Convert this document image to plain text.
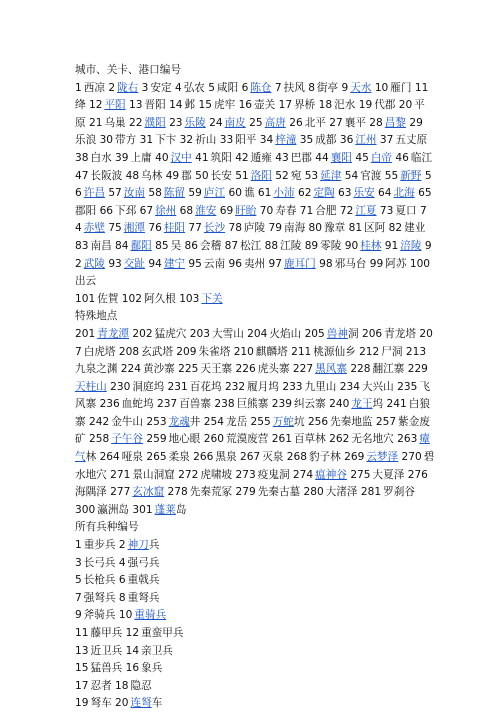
城市、关卡、港口编号
1 西凉 2 陇右 3 安定 4 弘农 5 咸阳 6 陈仓 7 扶风 8 街亭 9 天水 10 雁门 11绛 12 平阳 13 晋阳 14 邺 15 虎牢 16 壶关 17 界桥 18 汜水 19 代郡 20 平原 21 乌巢 22 濮阳 23 乐陵 24 南皮 25 高唐 26 北平 27 襄平 28 昌黎 29乐浪 30 带方 31 下卞 32 祈山 33 阳平 34 梓潼 35 成都 36 江州 37 五丈原 38 白水 39 上庸 40 汉中 41 筑阳 42 遁雍 43 巴郡 44 襄阳 45 白帝 46 临江 47 长阪波 48 乌林 49 郡 50 长安 51 洛阳 52 宛 53 延津 54 官渡 55 新野 56 许昌 57 汝南 58 陈留 59 庐江 60 谯 61 小沛 62 定陶 63 乐安 64 北海 65郡阳 66 下邳 67 徐州 68 淮安 69 盱眙 70 寿春 71 合肥 72 江夏 73 夏口 74 赤壁 75 湘潭 76 桂阳 77 长沙 78 庐陵 79 南海 80 豫章 81 区阿 82 建业 83 南昌 84 鄱阳 85 吴 86 会稽 87 松江 88 江陵 89 零陵 90 桂林 91 涪陵 92 武陵 93 交趾 94 建宁 95 云南 96 夷州 97 鹿耳门 98 邪马台 99 阿苏 100出云
101 佐賀 102 阿久根 103 下关
特殊地点
201 青龙潭 202 猛虎穴 203 大雪山 204 火焰山 205 兽神洞 206 青龙塔 207 白虎塔 208 玄武塔 209 朱雀塔 210 麒麟塔 211 桃源仙乡 212 尸洞 213九泉之渊 224 黄沙寨 225 天王寨 226 虎头寨 227 黑风寨 228 翻江寨 229天柱山 230 洞庭坞 231 百花坞 232 履月坞 233 九里山 234 大兴山 235 飞风寨 236 血蛇坞 237 百兽寨 238 巨熊寨 239 纠云寨 240 龙王坞 241 白狼寨 242 金牛山 253 龙魂井 254 龙岳 255 万蛇坑 256 先秦地监 257 紫金废矿 258 子午谷 259 地心眼 260 荒漠废营 261 百草林 262 无名地穴 263 瘴气林 264 哑泉 265 柔泉 266 黑泉 267 灭泉 268 豹子林 269 云梦泽 270 碧水地穴 271 景山洞窟 272 虎啸坡 273 疫鬼洞 274 瘟神谷 275 大夏泽 276海隅泽 277 玄冰窟 278 先秦荒冢 279 先秦古墓 280 大渚泽 281 罗刹谷
300 瀛洲岛 301 蓬莱岛
所有兵种编号
1 重步兵 2 神刀兵
3 长弓兵 4 强弓兵
5 长枪兵 6 重戟兵
7 强弩兵 8 重弩兵
9 斧骑兵 10 重骑兵
11 藤甲兵 12 重蛮甲兵
13 近卫兵 14 亲卫兵
15 猛兽兵 16 象兵
17 忍者 18 隐忍
19 弩车 20 连弩车
